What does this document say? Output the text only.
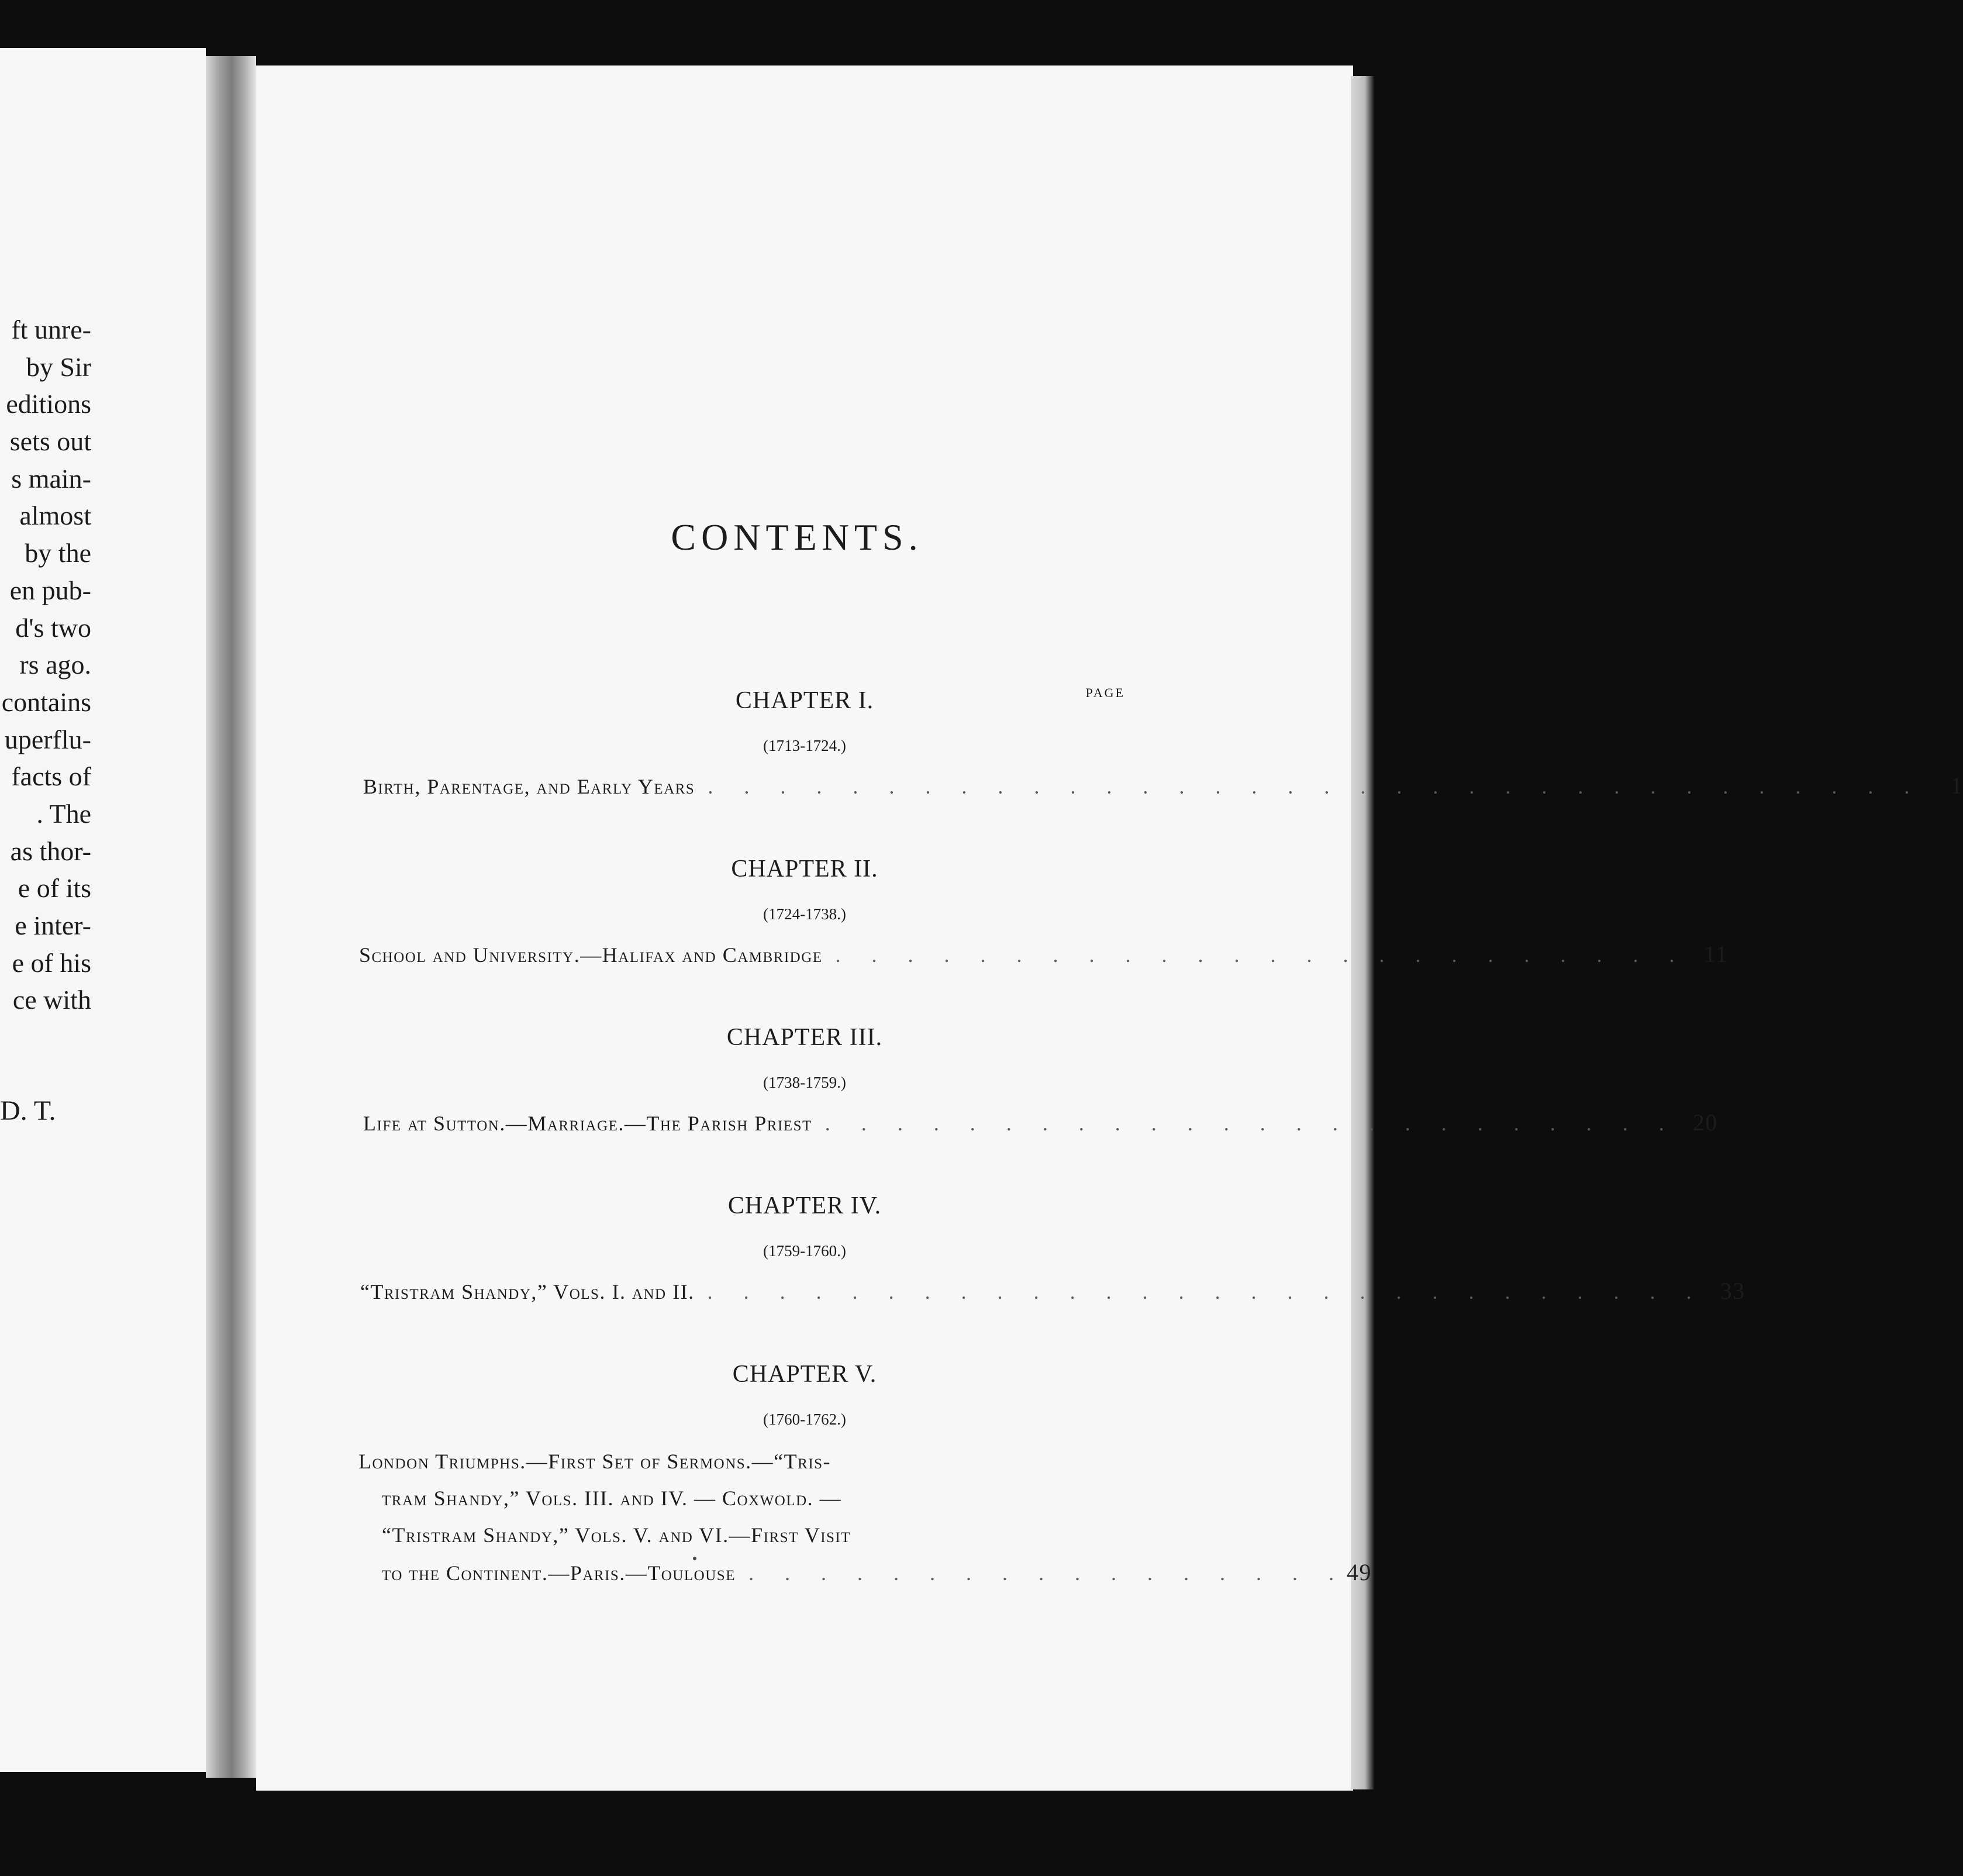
ft unre-
by Sir
editions
sets out
s main-
almost
by the
en pub-
d's two
rs ago.
contains
uperflu-
facts of
. The
as thor-
e of its
e inter-
e of his
ce with
D. T.
CONTENTS.
CHAPTER I.
(1713-1724.)
PAGE
Birth, Parentage, and Early Years . . . . . . . . . . . . . . . . . . . . . . . . . . . . . . . . . .	1
CHAPTER II.
(1724-1738.)
School and University.—Halifax and Cambridge . . . . . . . . . . . . . . . . . . . . . . . . 11
CHAPTER III.
(1738-1759.)
Life at Sutton.—Marriage.—The Parish Priest . . . . . . . . . . . . . . . . . . . . . . . . 20
CHAPTER IV.
(1759-1760.)
“Tristram Shandy,” Vols. I. and II. . . . . . . . . . . . . . . . . . . . . . . . . . . . . 33
CHAPTER V.
(1760-1762.)
London Triumphs.—First Set of Sermons.—“Tris-
tram Shandy,” Vols. III. and IV. — Coxwold. —
“Tristram Shandy,” Vols. V. and VI.—First Visit
to the Continent.—Paris.—Toulouse . . . . . . . . . . . . . . . . . 49
